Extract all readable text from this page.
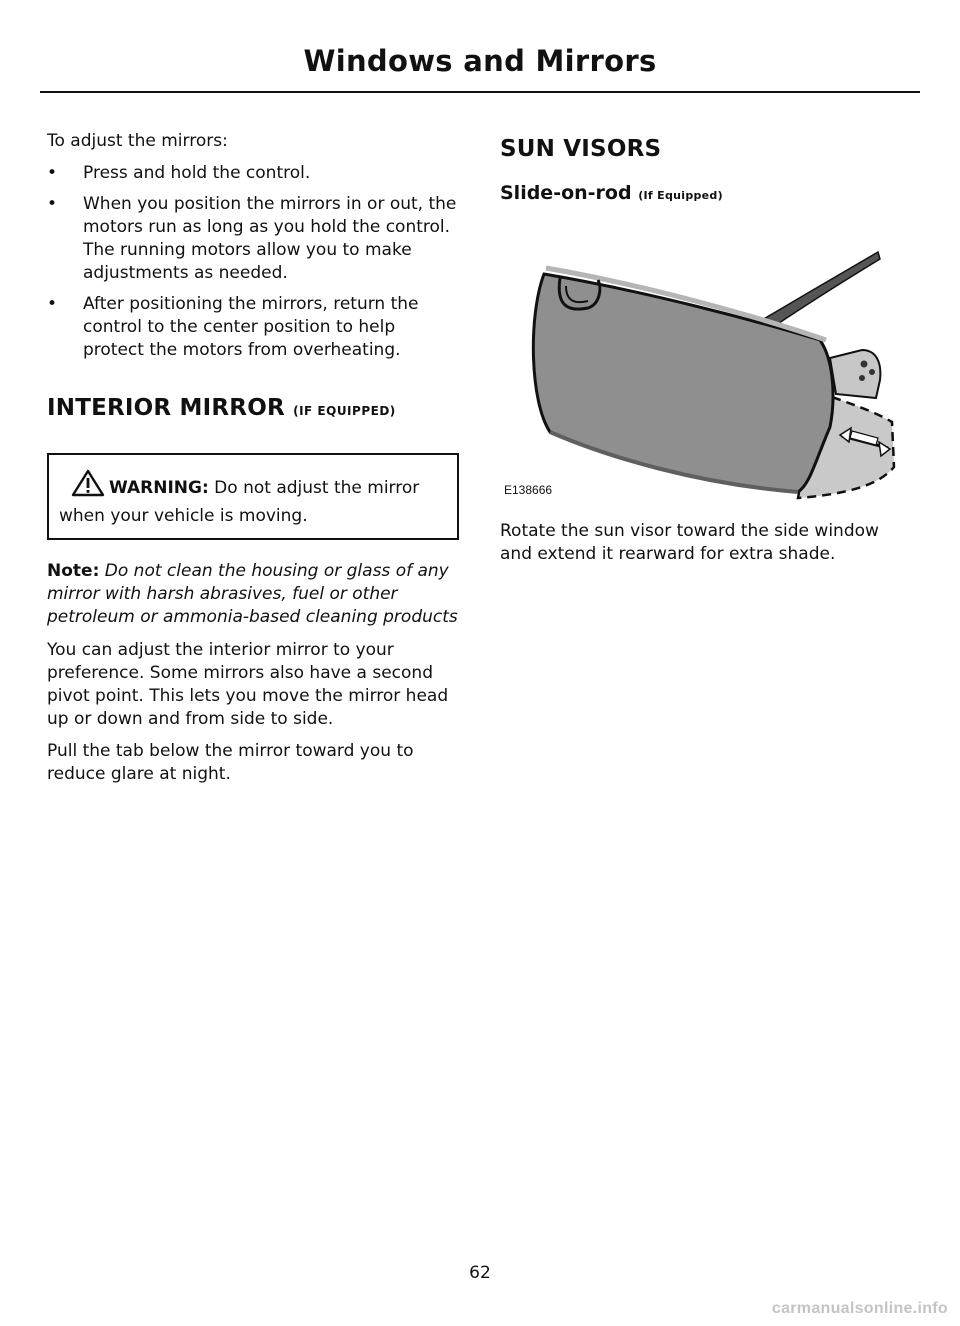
Windows and Mirrors

To adjust the mirrors:

• Press and hold the control.
• When you position the mirrors in or out, the motors run as long as you hold the control. The running motors allow you to make adjustments as needed.
• After positioning the mirrors, return the control to the center position to help protect the motors from overheating.
INTERIOR MIRROR (IF EQUIPPED)
WARNING: Do not adjust the mirror when your vehicle is moving.

Note: Do not clean the housing or glass of any mirror with harsh abrasives, fuel or other petroleum or ammonia-based cleaning products

You can adjust the interior mirror to your preference. Some mirrors also have a second pivot point. This lets you move the mirror head up or down and from side to side.

Pull the tab below the mirror toward you to reduce glare at night.

SUN VISORS
Slide-on-rod (If Equipped)
E138666

Rotate the sun visor toward the side window and extend it rearward for extra shade.

62
carmanualsonline.info
